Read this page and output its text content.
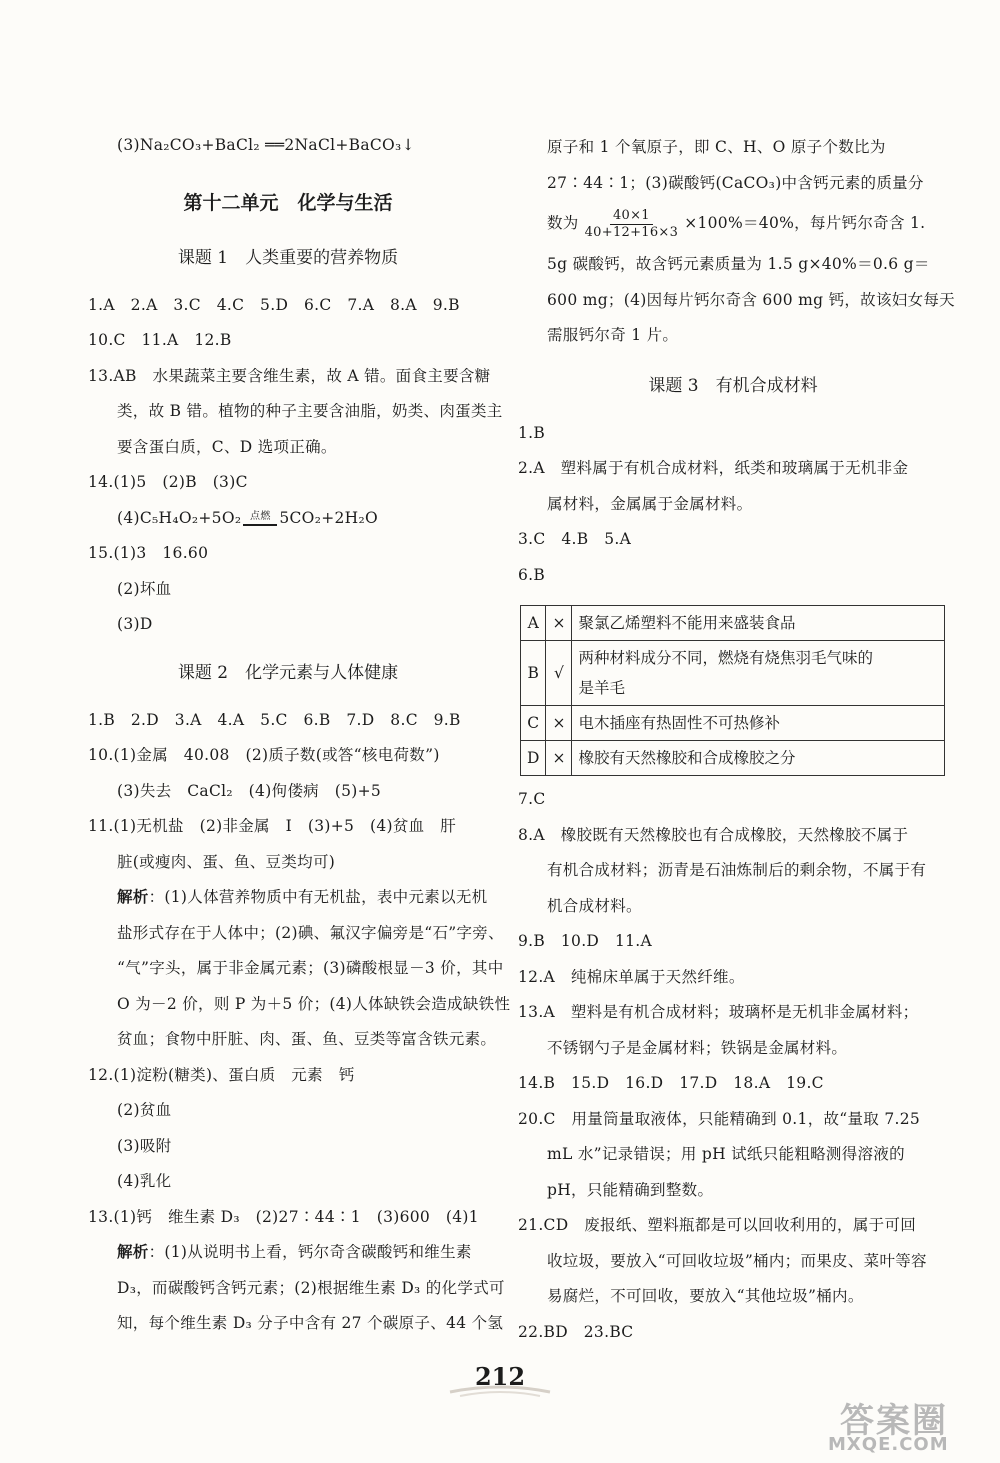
(3)Na₂CO₃+BaCl₂ ══2NaCl+BaCO₃↓
第十二单元　化学与生活
课题 1　人类重要的营养物质
1.A　2.A　3.C　4.C　5.D　6.C　7.A　8.A　9.B
10.C　11.A　12.B
13.AB　水果蔬菜主要含维生素，故 A 错。面食主要含糖
类，故 B 错。植物的种子主要含油脂，奶类、肉蛋类主
要含蛋白质，C、D 选项正确。
14.(1)5　(2)B　(3)C
(4)C₅H₄O₂+5O₂ 点燃 5CO₂+2H₂O
15.(1)3　16.60
(2)坏血
(3)D
课题 2　化学元素与人体健康
1.B　2.D　3.A　4.A　5.C　6.B　7.D　8.C　9.B
10.(1)金属　40.08　(2)质子数(或答“核电荷数”)
(3)失去　CaCl₂　(4)佝偻病　(5)+5
11.(1)无机盐　(2)非金属　I　(3)+5　(4)贫血　肝
脏(或瘦肉、蛋、鱼、豆类均可)
解析：(1)人体营养物质中有无机盐，表中元素以无机
盐形式存在于人体中；(2)碘、氟汉字偏旁是“石”字旁、
“气”字头，属于非金属元素；(3)磷酸根显－3 价，其中
O 为－2 价，则 P 为＋5 价；(4)人体缺铁会造成缺铁性
贫血；食物中肝脏、肉、蛋、鱼、豆类等富含铁元素。
12.(1)淀粉(糖类)、蛋白质　元素　钙
(2)贫血
(3)吸附
(4)乳化
13.(1)钙　维生素 D₃　(2)27∶44∶1　(3)600　(4)1
解析：(1)从说明书上看，钙尔奇含碳酸钙和维生素
D₃，而碳酸钙含钙元素；(2)根据维生素 D₃ 的化学式可
知，每个维生素 D₃ 分子中含有 27 个碳原子、44 个氢
原子和 1 个氧原子，即 C、H、O 原子个数比为
27∶44∶1；(3)碳酸钙(CaCO₃)中含钙元素的质量分
数为 $\frac{40\times 1}{40+12+16\times 3} \times 100\%=40\%$，每片钙尔奇含 1.
5g 碳酸钙，故含钙元素质量为 1.5 g×40%＝0.6 g＝
600 mg；(4)因每片钙尔奇含 600 mg 钙，故该妇女每天
需服钙尔奇 1 片。
课题 3　有机合成材料
1.B
2.A　塑料属于有机合成材料，纸类和玻璃属于无机非金
属材料，金属属于金属材料。
3.C　4.B　5.A
6.B
A	×	聚氯乙烯塑料不能用来盛装食品
B	√	两种材料成分不同，燃烧有烧焦羽毛气味的
是羊毛

C	×	电木插座有热固性不可热修补
D	×	橡胶有天然橡胶和合成橡胶之分
7.C
8.A　橡胶既有天然橡胶也有合成橡胶，天然橡胶不属于
有机合成材料；沥青是石油炼制后的剩余物，不属于有
机合成材料。
9.B　10.D　11.A
12.A　纯棉床单属于天然纤维。
13.A　塑料是有机合成材料；玻璃杯是无机非金属材料；
不锈钢勺子是金属材料；铁锅是金属材料。
14.B　15.D　16.D　17.D　18.A　19.C
20.C　用量筒量取液体，只能精确到 0.1，故“量取 7.25
mL 水”记录错误；用 pH 试纸只能粗略测得溶液的
pH，只能精确到整数。
21.CD　废报纸、塑料瓶都是可以回收利用的，属于可回
收垃圾，要放入“可回收垃圾”桶内；而果皮、菜叶等容
易腐烂，不可回收，要放入“其他垃圾”桶内。
22.BD　23.BC
212
答案圈
MXQE.COM
